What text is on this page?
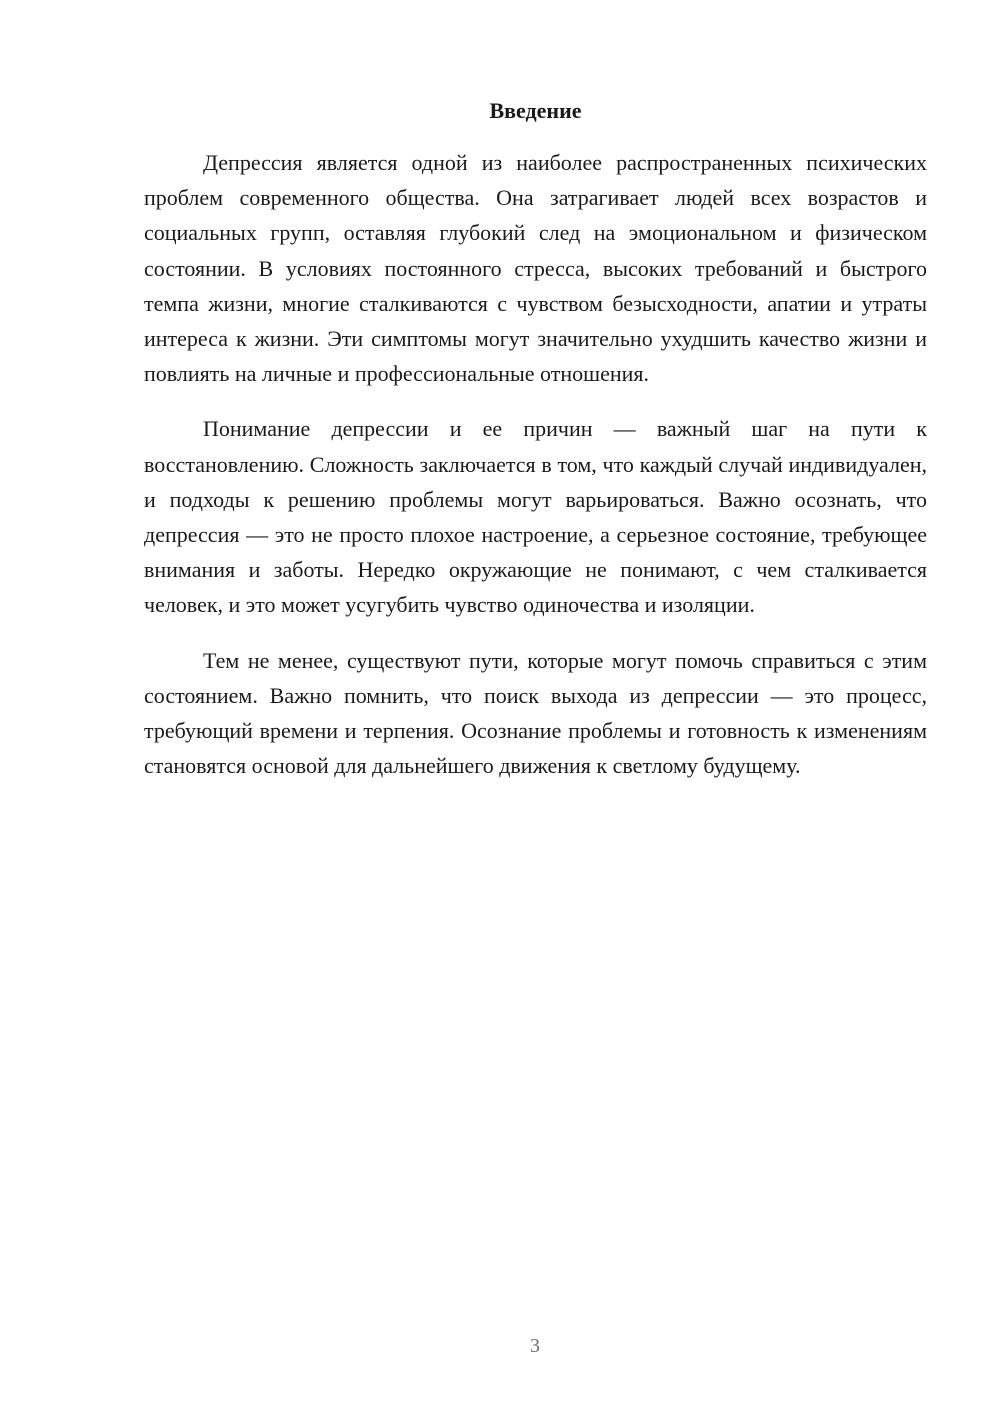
Введение

Депрессия является одной из наиболее распространенных психических проблем современного общества. Она затрагивает людей всех возрастов и социальных групп, оставляя глубокий след на эмоциональном и физическом состоянии. В условиях постоянного стресса, высоких требований и быстрого темпа жизни, многие сталкиваются с чувством безысходности, апатии и утраты интереса к жизни. Эти симптомы могут значительно ухудшить качество жизни и повлиять на личные и профессиональные отношения.

Понимание депрессии и ее причин — важный шаг на пути к восстановлению. Сложность заключается в том, что каждый случай индивидуален, и подходы к решению проблемы могут варьироваться. Важно осознать, что депрессия — это не просто плохое настроение, а серьезное состояние, требующее внимания и заботы. Нередко окружающие не понимают, с чем сталкивается человек, и это может усугубить чувство одиночества и изоляции.

Тем не менее, существуют пути, которые могут помочь справиться с этим состоянием. Важно помнить, что поиск выхода из депрессии — это процесс, требующий времени и терпения. Осознание проблемы и готовность к изменениям становятся основой для дальнейшего движения к светлому будущему.

3
